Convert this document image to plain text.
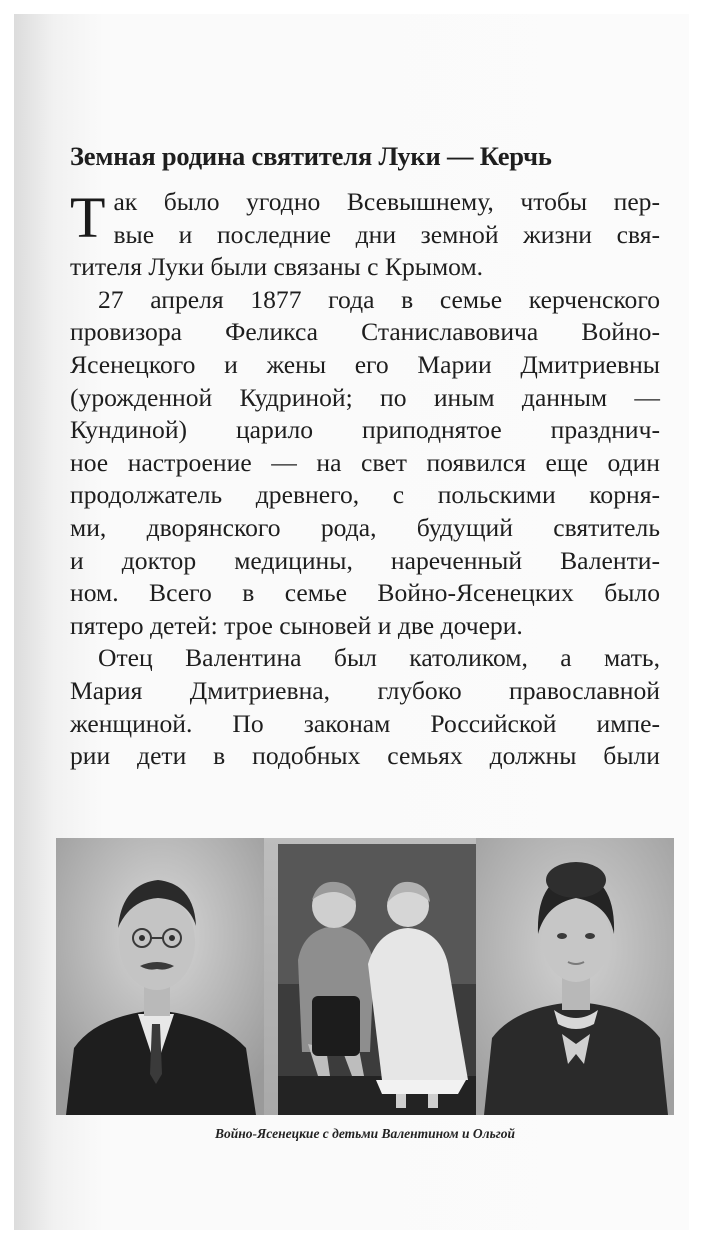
Земная родина святителя Луки — Керчь

Т ак было угодно Всевышнему, чтобы пер-
вые и последние дни земной жизни свя-
тителя Луки были связаны с Крымом.

27 апреля 1877 года в семье керченского
провизора Феликса Станиславовича Войно-
Ясенецкого и жены его Марии Дмитриевны
(урожденной Кудриной; по иным данным —
Кундиной) царило приподнятое празднич-
ное настроение — на свет появился еще один
продолжатель древнего, с польскими корня-
ми, дворянского рода, будущий святитель
и доктор медицины, нареченный Валенти-
ном. Всего в семье Войно-Ясенецких было
пятеро детей: трое сыновей и две дочери.

Отец Валентина был католиком, а мать,
Мария Дмитриевна, глубоко православной
женщиной. По законам Российской импе-
рии дети в подобных семьях должны были

Войно-Ясенецкие с детьми Валентином и Ольгой
